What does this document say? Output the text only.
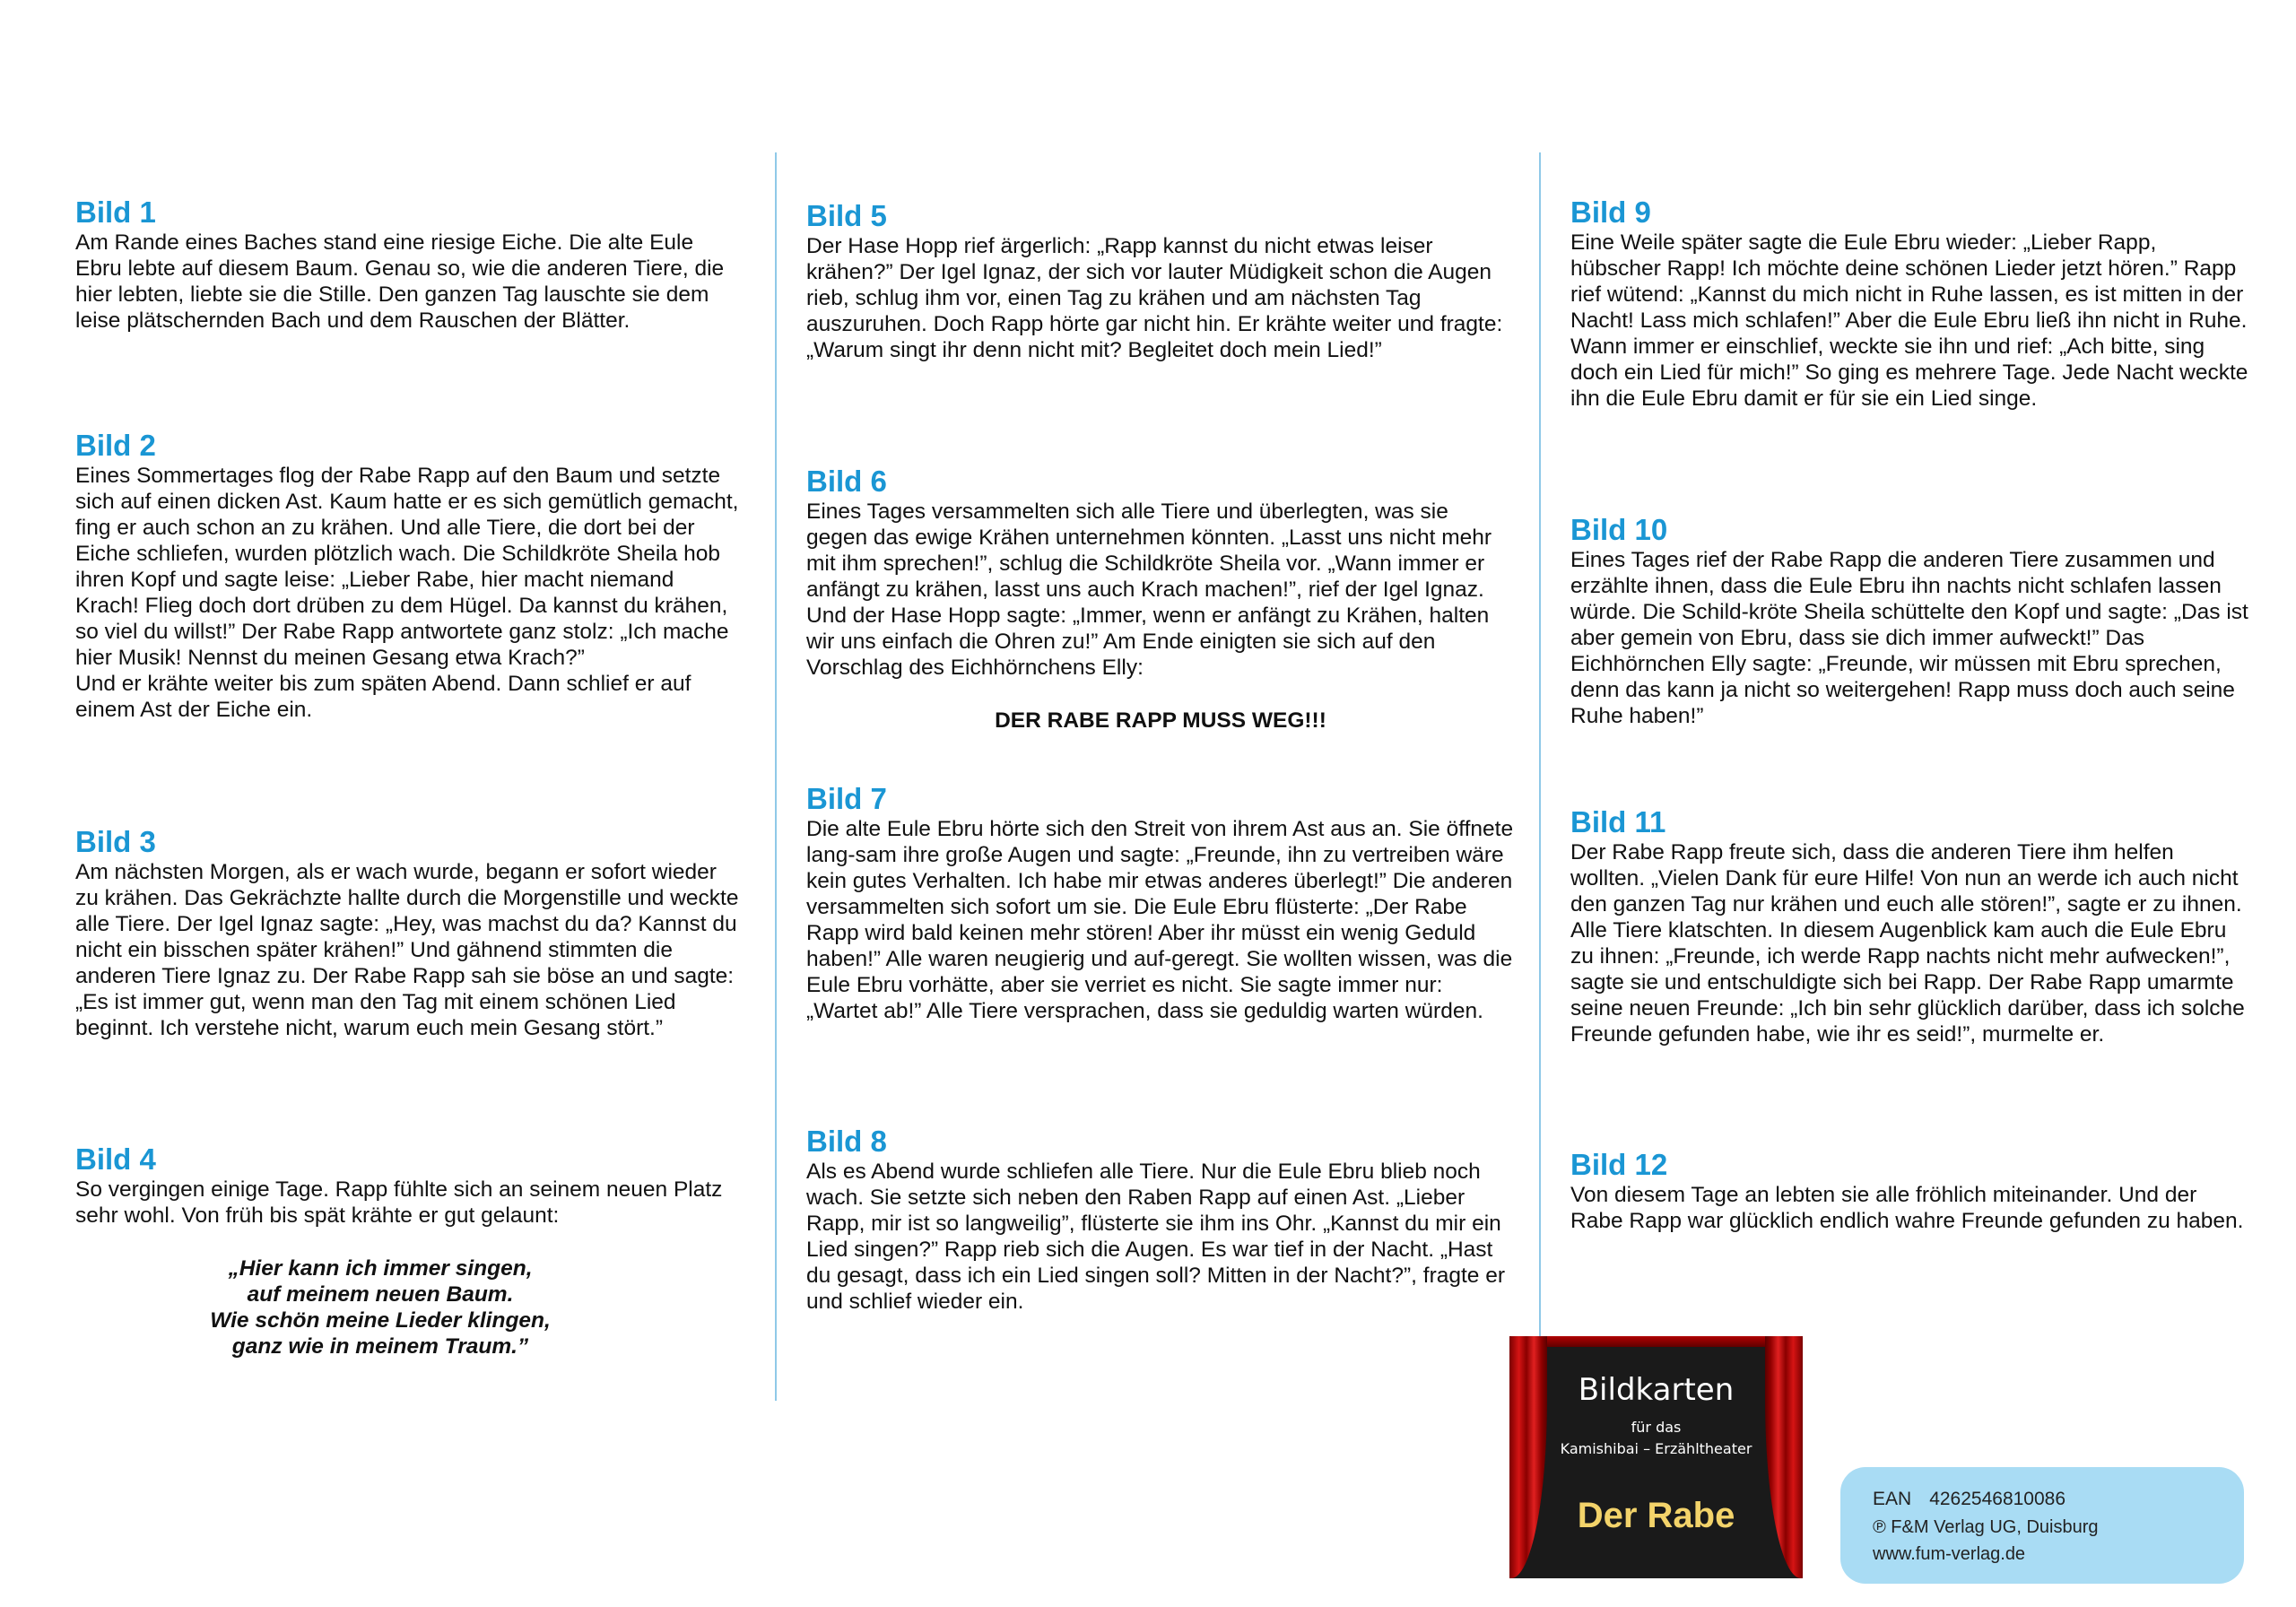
Bild 1

Am Rande eines Baches stand eine riesige Eiche. Die alte Eule Ebru lebte auf diesem Baum. Genau so, wie die anderen Tiere, die hier lebten, liebte sie die Stille. Den ganzen Tag lauschte sie dem leise plätschernden Bach und dem Rauschen der Blätter.

Bild 2

Eines Sommertages flog der Rabe Rapp auf den Baum und setzte sich auf einen dicken Ast. Kaum hatte er es sich gemütlich gemacht, fing er auch schon an zu krähen. Und alle Tiere, die dort bei der Eiche schliefen, wurden plötzlich wach. Die Schildkröte Sheila hob ihren Kopf und sagte leise: „Lieber Rabe, hier macht niemand Krach! Flieg doch dort drüben zu dem Hügel. Da kannst du krähen, so viel du willst!” Der Rabe Rapp antwortete ganz stolz: „Ich mache hier Musik! Nennst du meinen Gesang etwa Krach?”
Und er krähte weiter bis zum späten Abend. Dann schlief er auf einem Ast der Eiche ein.

Bild 3

Am nächsten Morgen, als er wach wurde, begann er sofort wieder zu krähen. Das Gekrächzte hallte durch die Morgenstille und weckte alle Tiere. Der Igel Ignaz sagte: „Hey, was machst du da? Kannst du nicht ein bisschen später krähen!” Und gähnend stimmten die anderen Tiere Ignaz zu. Der Rabe Rapp sah sie böse an und sagte: „Es ist immer gut, wenn man den Tag mit einem schönen Lied beginnt. Ich verstehe nicht, warum euch mein Gesang stört.”

Bild 4

So vergingen einige Tage. Rapp fühlte sich an seinem neuen Platz sehr wohl. Von früh bis spät krähte er gut gelaunt:

„Hier kann ich immer singen,
auf meinem neuen Baum.
Wie schön meine Lieder klingen,
ganz wie in meinem Traum.”
Bild 5

Der Hase Hopp rief ärgerlich: „Rapp kannst du nicht etwas leiser krähen?” Der Igel Ignaz, der sich vor lauter Müdigkeit schon die Augen rieb, schlug ihm vor, einen Tag zu krähen und am nächsten Tag auszuruhen. Doch Rapp hörte gar nicht hin. Er krähte weiter und fragte: „Warum singt ihr denn nicht mit? Begleitet doch mein Lied!”

Bild 6

Eines Tages versammelten sich alle Tiere und überlegten, was sie gegen das ewige Krähen unternehmen könnten. „Lasst uns nicht mehr mit ihm sprechen!”, schlug die Schildkröte Sheila vor. „Wann immer er anfängt zu krähen, lasst uns auch Krach machen!”, rief der Igel Ignaz. Und der Hase Hopp sagte: „Immer, wenn er anfängt zu Krähen, halten wir uns einfach die Ohren zu!” Am Ende einigten sie sich auf den Vorschlag des Eichhörnchens Elly:

DER RABE RAPP MUSS WEG!!!
Bild 7

Die alte Eule Ebru hörte sich den Streit von ihrem Ast aus an. Sie öffnete lang-sam ihre große Augen und sagte: „Freunde, ihn zu vertreiben wäre kein gutes Verhalten. Ich habe mir etwas anderes überlegt!” Die anderen versammelten sich sofort um sie. Die Eule Ebru flüsterte: „Der Rabe Rapp wird bald keinen mehr stören! Aber ihr müsst ein wenig Geduld haben!” Alle waren neugierig und auf-geregt. Sie wollten wissen, was die Eule Ebru vorhätte, aber sie verriet es nicht. Sie sagte immer nur: „Wartet ab!” Alle Tiere versprachen, dass sie geduldig warten würden.

Bild 8

Als es Abend wurde schliefen alle Tiere. Nur die Eule Ebru blieb noch wach. Sie setzte sich neben den Raben Rapp auf einen Ast. „Lieber Rapp, mir ist so langweilig”, flüsterte sie ihm ins Ohr. „Kannst du mir ein Lied singen?” Rapp rieb sich die Augen. Es war tief in der Nacht. „Hast du gesagt, dass ich ein Lied singen soll? Mitten in der Nacht?”, fragte er und schlief wieder ein.

Bild 9

Eine Weile später sagte die Eule Ebru wieder: „Lieber Rapp, hübscher Rapp! Ich möchte deine schönen Lieder jetzt hören.” Rapp rief wütend: „Kannst du mich nicht in Ruhe lassen, es ist mitten in der Nacht! Lass mich schlafen!” Aber die Eule Ebru ließ ihn nicht in Ruhe. Wann immer er einschlief, weckte sie ihn und rief: „Ach bitte, sing doch ein Lied für mich!” So ging es mehrere Tage. Jede Nacht weckte ihn die Eule Ebru damit er für sie ein Lied singe.

Bild 10

Eines Tages rief der Rabe Rapp die anderen Tiere zusammen und erzählte ihnen, dass die Eule Ebru ihn nachts nicht schlafen lassen würde. Die Schild-kröte Sheila schüttelte den Kopf und sagte: „Das ist aber gemein von Ebru, dass sie dich immer aufweckt!” Das Eichhörnchen Elly sagte: „Freunde, wir müssen mit Ebru sprechen, denn das kann ja nicht so weitergehen! Rapp muss doch auch seine Ruhe haben!”

Bild 11

Der Rabe Rapp freute sich, dass die anderen Tiere ihm helfen wollten. „Vielen Dank für eure Hilfe! Von nun an werde ich auch nicht den ganzen Tag nur krähen und euch alle stören!”, sagte er zu ihnen. Alle Tiere klatschten. In diesem Augenblick kam auch die Eule Ebru zu ihnen: „Freunde, ich werde Rapp nachts nicht mehr aufwecken!”, sagte sie und entschuldigte sich bei Rapp. Der Rabe Rapp umarmte seine neuen Freunde: „Ich bin sehr glücklich darüber, dass ich solche Freunde gefunden habe, wie ihr es seid!”, murmelte er.

Bild 12

Von diesem Tage an lebten sie alle fröhlich miteinander. Und der Rabe Rapp war glücklich endlich wahre Freunde gefunden zu haben.

Bildkarten
für das
Kamishibai – Erzähltheater
Der Rabe	EAN 4262546810086
℗ F&M Verlag UG, Duisburg
www.fum-verlag.de
